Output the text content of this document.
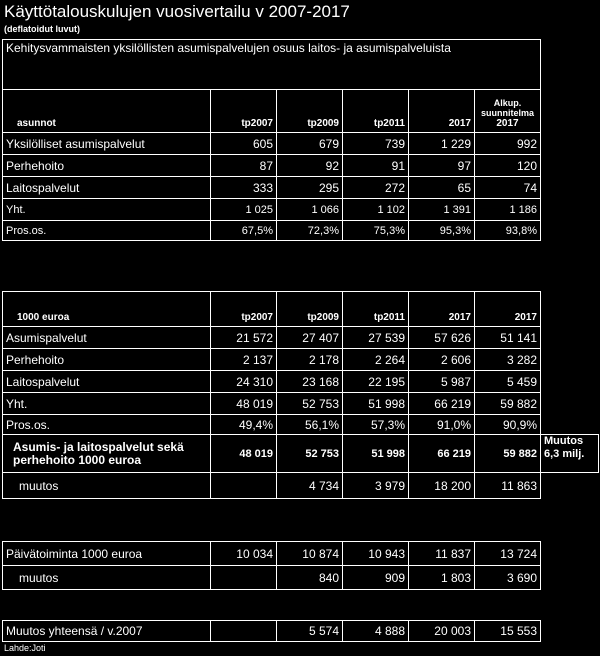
Käyttötalouskulujen vuosivertailu v 2007-2017
(deflatoidut luvut)
Kehitysvammaisten yksilöllisten asumispalvelujen osuus laitos- ja asumispalveluista					
asunnot	tp2007	tp2009	tp2011	2017	Alkup. suunnitelma
2017

Yksilölliset asumispalvelut	605	679	739	1 229	992
Perhehoito	87	92	91	97	120
Laitospalvelut	333	295	272	65	74
Yht.	1 025	1 066	1 102	1 391	1 186
Pros.os.	67,5%	72,3%	75,3%	95,3%	93,8%
1000 euroa	tp2007	tp2009	tp2011	2017	2017	
Asumispalvelut	21 572	27 407	27 539	57 626	51 141	
Perhehoito	2 137	2 178	2 264	2 606	3 282	
Laitospalvelut	24 310	23 168	22 195	5 987	5 459	
Yht.	48 019	52 753	51 998	66 219	59 882	
Pros.os.	49,4%	56,1%	57,3%	91,0%	90,9%	
Asumis- ja laitospalvelut sekä perhehoito 1000 euroa	48 019	52 753	51 998	66 219	59 882	Muutos 6,3 milj.
muutos		4 734	3 979	18 200	11 863	
Päivätoiminta 1000 euroa	10 034	10 874	10 943	11 837	13 724
muutos		840	909	1 803	3 690
Muutos yhteensä / v.2007		5 574	4 888	20 003	15 553
Lahde:Joti
